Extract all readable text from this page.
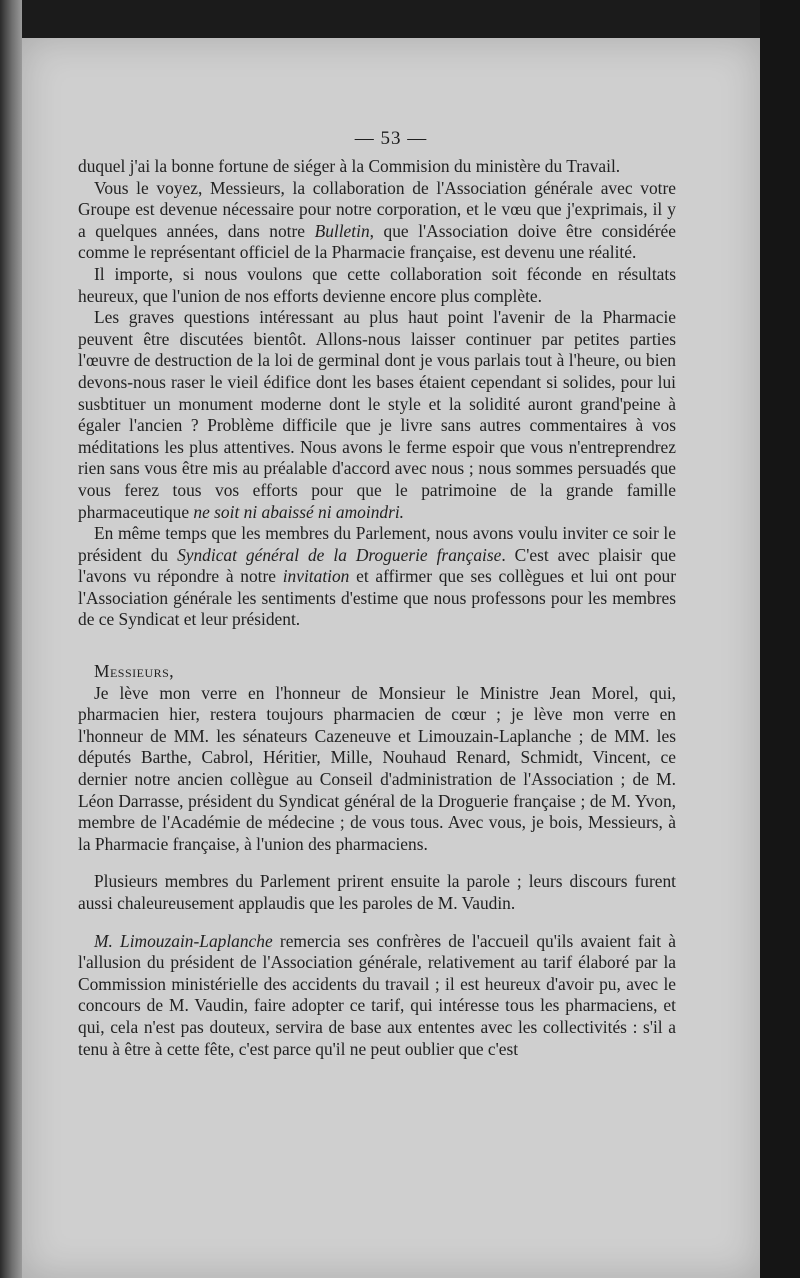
— 53 —

duquel j'ai la bonne fortune de siéger à la Commision du ministère du Travail.

Vous le voyez, Messieurs, la collaboration de l'Association générale avec votre Groupe est devenue nécessaire pour notre corporation, et le vœu que j'exprimais, il y a quelques années, dans notre Bulletin, que l'Association doive être considérée comme le représentant officiel de la Pharmacie française, est devenu une réalité.

Il importe, si nous voulons que cette collaboration soit féconde en résultats heureux, que l'union de nos efforts devienne encore plus complète.

Les graves questions intéressant au plus haut point l'avenir de la Pharmacie peuvent être discutées bientôt. Allons-nous laisser continuer par petites parties l'œuvre de destruction de la loi de germinal dont je vous parlais tout à l'heure, ou bien devons-nous raser le vieil édifice dont les bases étaient cependant si solides, pour lui susbtituer un monument moderne dont le style et la solidité auront grand'peine à égaler l'ancien ? Problème difficile que je livre sans autres commentaires à vos méditations les plus attentives. Nous avons le ferme espoir que vous n'entreprendrez rien sans vous être mis au préalable d'accord avec nous ; nous sommes persuadés que vous ferez tous vos efforts pour que le patrimoine de la grande famille pharmaceutique ne soit ni abaissé ni amoindri.

En même temps que les membres du Parlement, nous avons voulu inviter ce soir le président du Syndicat général de la Droguerie française. C'est avec plaisir que l'avons vu répondre à notre invitation et affirmer que ses collègues et lui ont pour l'Association générale les sentiments d'estime que nous professons pour les membres de ce Syndicat et leur président.

Messieurs,

Je lève mon verre en l'honneur de Monsieur le Ministre Jean Morel, qui, pharmacien hier, restera toujours pharmacien de cœur ; je lève mon verre en l'honneur de MM. les sénateurs Cazeneuve et Limouzain-Laplanche ; de MM. les députés Barthe, Cabrol, Héritier, Mille, Nouhaud Renard, Schmidt, Vincent, ce dernier notre ancien collègue au Conseil d'administration de l'Association ; de M. Léon Darrasse, président du Syndicat général de la Droguerie française ; de M. Yvon, membre de l'Académie de médecine ; de vous tous. Avec vous, je bois, Messieurs, à la Pharmacie française, à l'union des pharmaciens.

Plusieurs membres du Parlement prirent ensuite la parole ; leurs discours furent aussi chaleureusement applaudis que les paroles de M. Vaudin.

M. Limouzain-Laplanche remercia ses confrères de l'accueil qu'ils avaient fait à l'allusion du président de l'Association générale, relativement au tarif élaboré par la Commission ministérielle des accidents du travail ; il est heureux d'avoir pu, avec le concours de M. Vaudin, faire adopter ce tarif, qui intéresse tous les pharmaciens, et qui, cela n'est pas douteux, servira de base aux ententes avec les collectivités : s'il a tenu à être à cette fête, c'est parce qu'il ne peut oublier que c'est
